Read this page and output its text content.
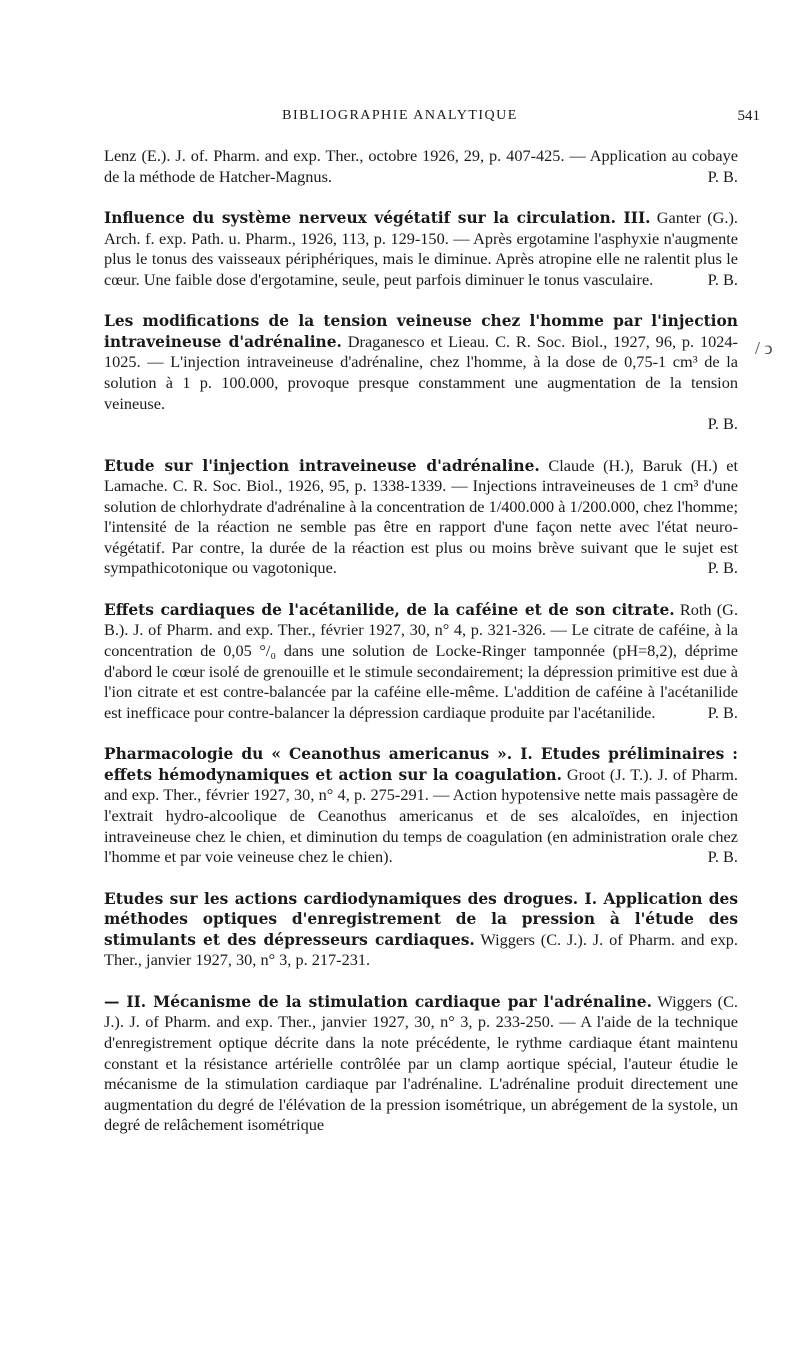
BIBLIOGRAPHIE ANALYTIQUE	541
/ ↄ

Lenz (E.). J. of. Pharm. and exp. Ther., octobre 1926, 29, p. 407-425. — Application au cobaye de la méthode de Hatcher-Magnus.	P. B.

Influence du système nerveux végétatif sur la circulation. III. Ganter (G.). Arch. f. exp. Path. u. Pharm., 1926, 113, p. 129-150. — Après ergotamine l'asphyxie n'augmente plus le tonus des vaisseaux périphériques, mais le diminue. Après atropine elle ne ralentit plus le cœur. Une faible dose d'ergotamine, seule, peut parfois diminuer le tonus vasculaire.	P. B.

Les modifications de la tension veineuse chez l'homme par l'injection intraveineuse d'adrénaline. Draganesco et Lieau. C. R. Soc. Biol., 1927, 96, p. 1024-1025. — L'injection intraveineuse d'adrénaline, chez l'homme, à la dose de 0,75-1 cm³ de la solution à 1 p. 100.000, provoque presque constamment une augmentation de la tension veineuse.
P. B.

Etude sur l'injection intraveineuse d'adrénaline. Claude (H.), Baruk (H.) et Lamache. C. R. Soc. Biol., 1926, 95, p. 1338-1339. — Injections intraveineuses de 1 cm³ d'une solution de chlorhydrate d'adrénaline à la concentration de 1/400.000 à 1/200.000, chez l'homme; l'intensité de la réaction ne semble pas être en rapport d'une façon nette avec l'état neuro-végétatif. Par contre, la durée de la réaction est plus ou moins brève suivant que le sujet est sympathicotonique ou vagotonique.	P. B.

Effets cardiaques de l'acétanilide, de la caféine et de son citrate. Roth (G. B.). J. of Pharm. and exp. Ther., février 1927, 30, n° 4, p. 321-326. — Le citrate de caféine, à la concentration de 0,05 °/₀ dans une solution de Locke-Ringer tamponnée (pH=8,2), déprime d'abord le cœur isolé de grenouille et le stimule secondairement; la dépression primitive est due à l'ion citrate et est contre-balancée par la caféine elle-même. L'addition de caféine à l'acétanilide est inefficace pour contre-balancer la dépression cardiaque produite par l'acétanilide.	P. B.

Pharmacologie du « Ceanothus americanus ». I. Etudes préliminaires : effets hémodynamiques et action sur la coagulation. Groot (J. T.). J. of Pharm. and exp. Ther., février 1927, 30, n° 4, p. 275-291. — Action hypotensive nette mais passagère de l'extrait hydro-alcoolique de Ceanothus americanus et de ses alcaloïdes, en injection intraveineuse chez le chien, et diminution du temps de coagulation (en administration orale chez l'homme et par voie veineuse chez le chien).	P. B.

Etudes sur les actions cardiodynamiques des drogues. I. Application des méthodes optiques d'enregistrement de la pression à l'étude des stimulants et des dépresseurs cardiaques. Wiggers (C. J.). J. of Pharm. and exp. Ther., janvier 1927, 30, n° 3, p. 217-231.

— II. Mécanisme de la stimulation cardiaque par l'adrénaline. Wiggers (C. J.). J. of Pharm. and exp. Ther., janvier 1927, 30, n° 3, p. 233-250. — A l'aide de la technique d'enregistrement optique décrite dans la note précédente, le rythme cardiaque étant maintenu constant et la résistance artérielle contrôlée par un clamp aortique spécial, l'auteur étudie le mécanisme de la stimulation cardiaque par l'adrénaline. L'adrénaline produit directement une augmentation du degré de l'élévation de la pression isométrique, un abrégement de la systole, un degré de relâchement isométrique
